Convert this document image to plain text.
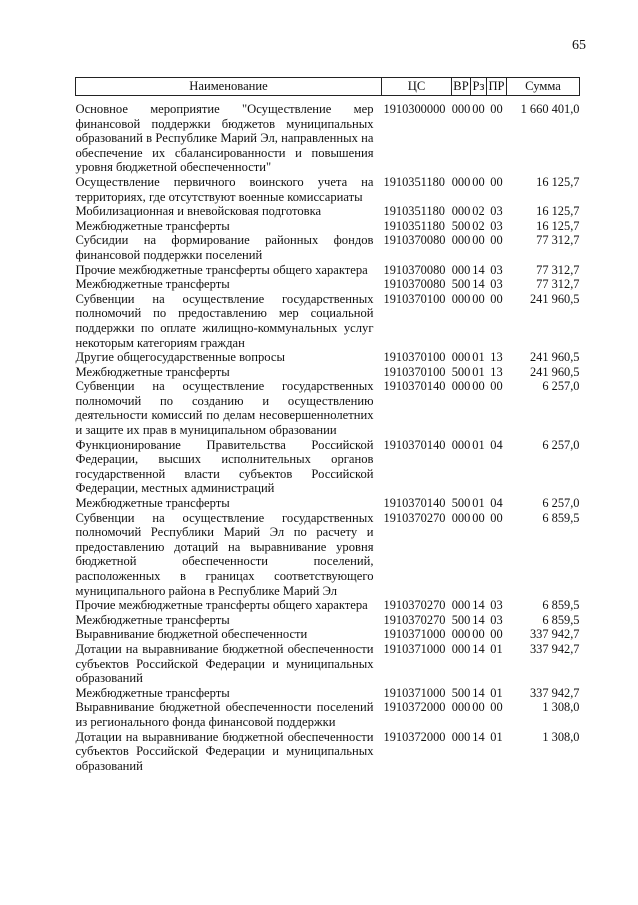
65
Наименование	ЦС	ВР	Рз	ПР	Сумма
Основное мероприятие "Осуществление мер финансовой поддержки бюджетов муниципальных образований в Республике Марий Эл, направленных на обеспечение их сбалансированности и повышения уровня бюджетной обеспеченности"	1910300000	000	00	00	1 660 401,0
Осуществление первичного воинского учета на территориях, где отсутствуют военные комиссариаты	1910351180	000	00	00	16 125,7
Мобилизационная и вневойсковая подготовка	1910351180	000	02	03	16 125,7
Межбюджетные трансферты	1910351180	500	02	03	16 125,7
Субсидии на формирование районных фондов финансовой поддержки поселений	1910370080	000	00	00	77 312,7
Прочие межбюджетные трансферты общего характера	1910370080	000	14	03	77 312,7
Межбюджетные трансферты	1910370080	500	14	03	77 312,7
Субвенции на осуществление государственных полномочий по предоставлению мер социальной поддержки по оплате жилищно-коммунальных услуг некоторым категориям граждан	1910370100	000	00	00	241 960,5
Другие общегосударственные вопросы	1910370100	000	01	13	241 960,5
Межбюджетные трансферты	1910370100	500	01	13	241 960,5
Субвенции на осуществление государственных полномочий по созданию и осуществлению деятельности комиссий по делам несовершеннолетних и защите их прав в муниципальном образовании	1910370140	000	00	00	6 257,0
Функционирование Правительства Российской Федерации, высших исполнительных органов государственной власти субъектов Российской Федерации, местных администраций	1910370140	000	01	04	6 257,0
Межбюджетные трансферты	1910370140	500	01	04	6 257,0
Субвенции на осуществление государственных полномочий Республики Марий Эл по расчету и предоставлению дотаций на выравнивание уровня бюджетной обеспеченности поселений, расположенных в границах соответствующего муниципального района в Республике Марий Эл	1910370270	000	00	00	6 859,5
Прочие межбюджетные трансферты общего характера	1910370270	000	14	03	6 859,5
Межбюджетные трансферты	1910370270	500	14	03	6 859,5
Выравнивание бюджетной обеспеченности	1910371000	000	00	00	337 942,7
Дотации на выравнивание бюджетной обеспеченности субъектов Российской Федерации и муниципальных образований	1910371000	000	14	01	337 942,7
Межбюджетные трансферты	1910371000	500	14	01	337 942,7
Выравнивание бюджетной обеспеченности поселений из регионального фонда финансовой поддержки	1910372000	000	00	00	1 308,0
Дотации на выравнивание бюджетной обеспеченности субъектов Российской Федерации и муниципальных образований	1910372000	000	14	01	1 308,0
